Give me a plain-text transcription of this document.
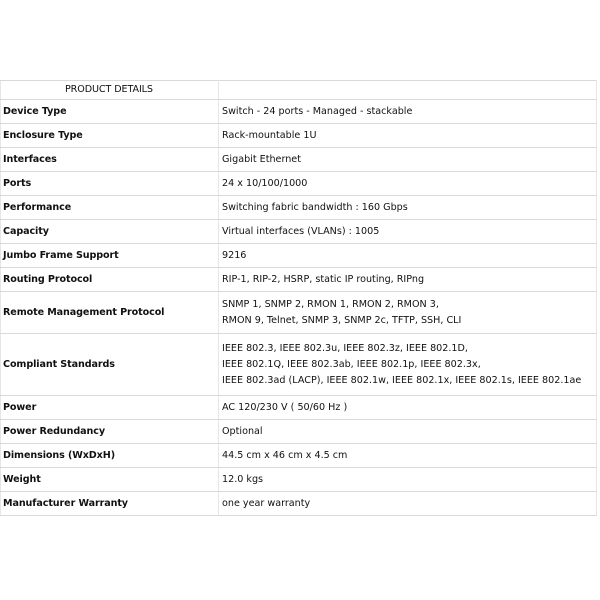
PRODUCT DETAILS	
Device Type	Switch - 24 ports - Managed - stackable

Enclosure Type	Rack-mountable 1U

Interfaces	Gigabit Ethernet

Ports	24 x 10/100/1000

Performance	Switching fabric bandwidth : 160 Gbps

Capacity	Virtual interfaces (VLANs) : 1005

Jumbo Frame Support	9216

Routing Protocol	RIP-1, RIP-2, HSRP, static IP routing, RIPng

Remote Management Protocol	SNMP 1, SNMP 2, RMON 1, RMON 2, RMON 3,
RMON 9, Telnet, SNMP 3, SNMP 2c, TFTP, SSH, CLI

Compliant Standards	IEEE 802.3, IEEE 802.3u, IEEE 802.3z, IEEE 802.1D,
IEEE 802.1Q, IEEE 802.3ab, IEEE 802.1p, IEEE 802.3x,
IEEE 802.3ad (LACP), IEEE 802.1w, IEEE 802.1x, IEEE 802.1s, IEEE 802.1ae

Power	AC 120/230 V ( 50/60 Hz )

Power Redundancy	Optional

Dimensions (WxDxH)	44.5 cm x 46 cm x 4.5 cm

Weight	12.0 kgs

Manufacturer Warranty	one year warranty
